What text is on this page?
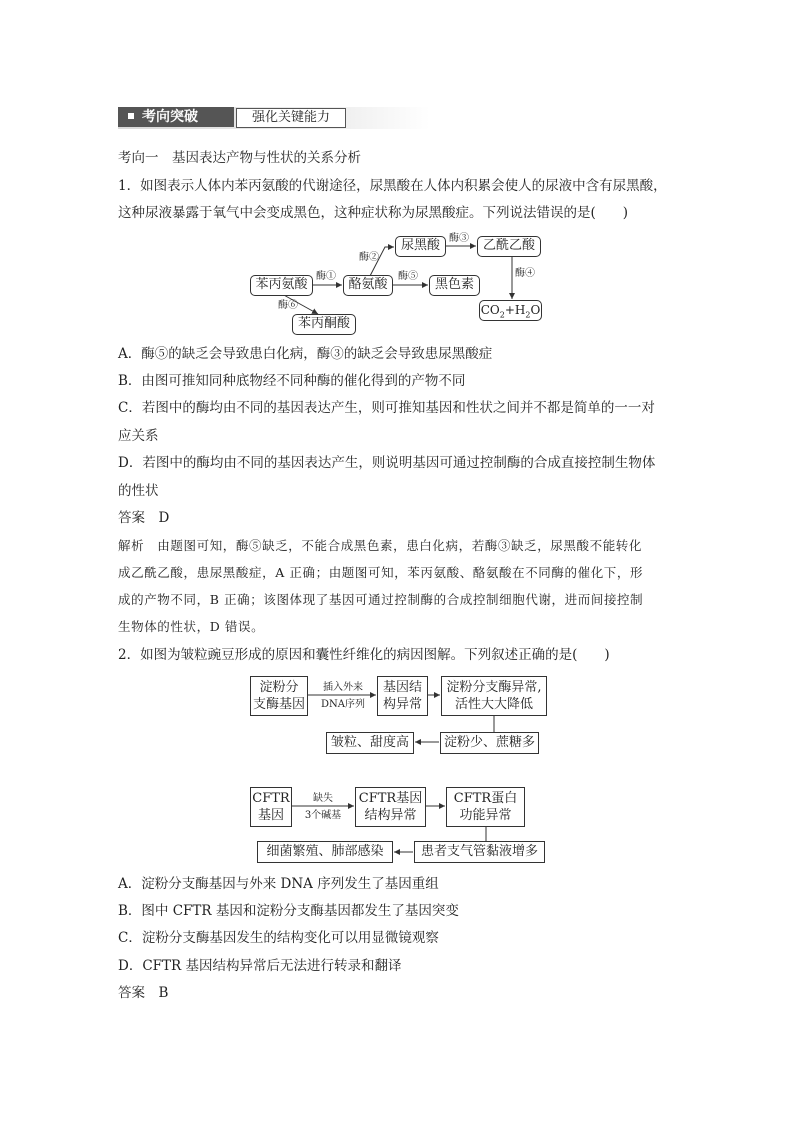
考向突破	强化关键能力
考向一　基因表达产物与性状的关系分析
1．如图表示人体内苯丙氨酸的代谢途径，尿黑酸在人体内积累会使人的尿液中含有尿黑酸，
这种尿液暴露于氧气中会变成黑色，这种症状称为尿黑酸症。下列说法错误的是(　　)
苯丙氨酸	酪氨酸
尿黑酸	乙酰乙酸
黑色素
苯丙酮酸
$CO_2+H_2O$
酶①
酶②
酶③
酶④
酶⑤
酶⑥
A．酶⑤的缺乏会导致患白化病，酶③的缺乏会导致患尿黑酸症
B．由图可推知同种底物经不同种酶的催化得到的产物不同
C．若图中的酶均由不同的基因表达产生，则可推知基因和性状之间并不都是简单的一一对
应关系
D．若图中的酶均由不同的基因表达产生，则说明基因可通过控制酶的合成直接控制生物体
的性状
答案　D
解析　由题图可知，酶⑤缺乏，不能合成黑色素，患白化病，若酶③缺乏，尿黑酸不能转化
成乙酰乙酸，患尿黑酸症，A 正确；由题图可知，苯丙氨酸、酪氨酸在不同酶的催化下，形
成的产物不同，B 正确；该图体现了基因可通过控制酶的合成控制细胞代谢，进而间接控制
生物体的性状，D 错误。
2．如图为皱粒豌豆形成的原因和囊性纤维化的病因图解。下列叙述正确的是(　　)
淀粉分
支酶基因
插入外来
DNA序列
基因结
构异常
淀粉分支酶异常,
活性大大降低
淀粉少、蔗糖多
皱粒、甜度高
CFTR
基因
缺失
3个碱基
CFTR基因
结构异常
CFTR蛋白
功能异常
患者支气管黏液增多
细菌繁殖、肺部感染
A．淀粉分支酶基因与外来 DNA 序列发生了基因重组
B．图中 CFTR 基因和淀粉分支酶基因都发生了基因突变
C．淀粉分支酶基因发生的结构变化可以用显微镜观察
D．CFTR 基因结构异常后无法进行转录和翻译
答案　B
